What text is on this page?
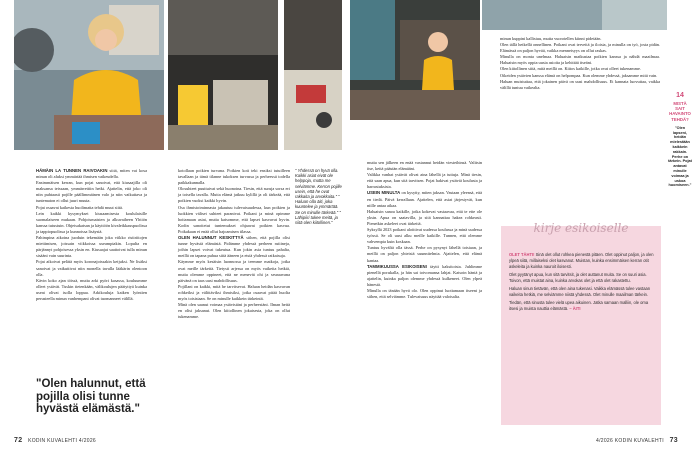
HÄMÄIN LA TUNNEN RAIVOAKIN siitä, miten vai kosa minun oli aluksi ymmärtää ihmisen vaikeudella.

Ensimmäisen kerran, kun pojat sanoivat, että kiusaajilla oli maksansa teissaan, ymmärrettiin hetki. Ajattelin, että joko oli niin puhtaasti pojille päällimmäinen valo ja niin vaikuttava ja tuntematon ei ollut juuri muuta.

Pojat osaavat kaikesta huolimatta tehdä muut siitä.

Lein kaikki kysymykset kiusaamisesta koululaisille suomalaiseen mukaan. Pohjoismaisten ja alkuvaiheen Yhtiön kanssa tutustuin. Ohjeisakatsan ja käyttöön kivaleikkauspuolissa ja tappiopuolissa ja kunnoissa lisäystä.

Pahimpina aikoina juoduin tekemään joka viikko ristiriitojen miettimisen, joissain viikkoissa useampiakin. Lopulta en pärjännyt pohjoisessa yksin en. Kiusaajat saattoivat tulla minun sisääni vain suurinta.

Pojat aikoivat pelätä myös koronajoissakin ketjuksi. Ne lisäksi sanoivat ja vaikuttivat niin monella tavalla lääkärin olentoon olla.

Kävin koko ajan töissä, mutta arki pyöri kasassa, kouluumme olleet ystävät. Tuskin tietenkään, välikoulujen päätyttyä kuinka useat olivat isolla loppua. Arkikouluja kaiken lyöntien perusteella minun vanhempani olivat tuomanneet välillä.

"Olen halunnut, että pojilla olisi tunne hyvästä elämästä."

kotollaan poikien turvana. Poikien koti teki ensiksi tutuilleen tavallaan ja tämä tilanne tukoksen turvassa ja perheessä todella paikkakunnalla.

Olosuhteet puuttuivat sekä huonoina. Tiesin, että suruja sorsa eri ja toisella tavalla. Mutta elämä jatkuu kylillä ja oli tärkeää, että poikien vuoksi kaikki hyvin.

Osa ihmistoiminnasta jakautuu tulevaisuudessa, kun poikien ja luokkien väliset suhteet paranivat. Poikani ja minä opimme hoitamaan asiat, mutta katsomme, että lapset kasvavat hyvin. Kodin sanoitetut tuntemukset ohjaavat poikien kasvua. Poikakaan ei enää ollut hajoamisen tilassa.

OLEN HALUNNUT KESKITTYÄ siihen, että pojilla olisi tunne hyvästä elämästä. Pidämme yhdessä perheen rutiineja, joihin lapset voivat tukeutua. Kun jokin asia tuntuu pahalta, meillä on tapana puhua siitä ääneen ja etsiä yhdessä ratkaisuja.

Käymme myös kesäisin luonnossa ja teemme matkoja, jotka ovat meille tärkeitä. Tietysti arjessa on myös vaikeita hetkiä, mutta olemme oppineet, että ne menevät ohi ja seuraavana päivänä on taas uusi mahdollisuus.

Pojillani on kaikki, mitä he tarvitsevat. Haluan heidän kasvavan rohkeiksi ja välittäviksi ihmisiksi, jotka osaavat pitää huolta myös toisistaan. Se on minulle kaikkein tärkeintä.

Minä olen saanut voimaa ystävistäni ja perheestäni. Ilman heitä en olisi jaksanut. Olen kiitollinen jokaisesta, joka on ollut tukenamme.

" Yhdessä on hyvä olla. Kaikki asiat eivät ole helppoja, mutta me selviämme. Kerron pojille usein, että he ovat rakkaita ja arvokkaita." " Haluan olla äiti, joka kuuntelee ja ymmärtää. Se on minulle tärkeää." " Lähipiiri tukee meitä, ja siitä olen kiitollinen."
72 KODIN KUVALEHTI 4/2026

mutta sen jälkeen en enää vastannut heidän viesteihinsä. Valitsin itse, keitä päästän elämääni.

Valikka vanhat ystävät olivat aina lähellä ja tuttuja. Minä tiesin, että saan apua, kun sitä tarvitsen. Pojat hakivat ystäviä koulusta ja harrastuksista.

USEIN MINULTA on kysytty, miten jaksan. Vastaan yleensä, että en tiedä. Päivä kerrallaan. Ajattelen, että asiat järjestyvät, kun niille antaa aikaa.

Haluaisin sanoa kaikille, jotka kokevat vastaavaa, että te ette ole yksin. Apua on saatavilla, ja sitä kannattaa hakea rohkeasti. Pienetkin askeleet ovat tärkeitä.

Syksyllä 2023 poikani aloittivat uudessa koulussa ja minä uudessa työssä. Se oli uusi alku meille kaikille. Tunnen, että olemme vahvempia kuin koskaan.

Tuntuu hyvältä olla tässä. Perhe on pysynyt lähellä toisiaan, ja meillä on paljon yhteisiä suunnitelmia. Ajattelen, että elämä kantaa.

TAMMIKUUSSA ESIKOISENI täytti kaksitoista. Juhlimme pienellä porukalla, ja hän sai toivomansa lahjat. Katsoin häntä ja ajattelin, kuinka paljon olemme yhdessä kulkeneet. Olen ylpeä hänestä.

Minulla on tänään hyvä olo. Olen oppinut luottamaan itseeni ja siihen, että selviämme. Tulevaisuus näyttää valoisalta.

minun kuppini kallistuu, mutta vuorotellen kiinni pidetään.

Olen tällä hetkellä onnellinen. Poikani ovat terveitä ja iloisia, ja minulla on työ, josta pidän. Elämässä on paljon hyvää, vaikka menneisyys on ollut raskas.

Minulla on monta unelmaa. Haluaisin matkustaa poikien kanssa ja nähdä maailmaa. Haluaisin myös oppia uusia asioita ja kehittää itseäni.

Olen kiitollinen siitä, mitä meillä on. Kiitos kaikille, jotka ovat olleet tukenamme.

Oikeiden ystävien kanssa elämä on helpompaa. Kun olemme yhdessä, jaksamme mitä vain.

Haluan muistuttaa, että jokainen päivä on uusi mahdollisuus. Ei kannata luovuttaa, vaikka välillä tuntuu vaikealta.

14
MISTÄ SAIT HAVAINTO TEHDÄ?
"Olen lapseni, heidän mielestään kaikkein rakkain. Perhe on tärkein. Pojat antavat minulle voimaa ja uskoa huomiseen."
kirje esikoiselle

OLET TÄHTI! Sinä olet ollut rohkea pienestä pitäen. Olet oppinut paljon, ja olen ylpeä siitä, millaiseksi olet kasvanut. Muistan, kuinka ensimmäisen kerran otit askeleita ja kuinka nauroit iloisesti.

Olet pyytänyt apua, kun sitä tarvitsit, ja olet auttanut muita. Se on suuri asia. Toivon, että muistat aina, kuinka arvokas olet ja että olet rakastettu.

Haluan sinun tietävän, että olen aina tukenasi. Vaikka elämässä tulee vastaan vaikeita hetkiä, me selviämme niistä yhdessä. Olet minulle maailman tärkein.

Tiedän, että sinusta tulee vielä upea aikuinen. Jatka samaan malliin, ole oma itsesi ja muista nauttia elämästä. – ÄITI

4/2026 KODIN KUVALEHTI 73
